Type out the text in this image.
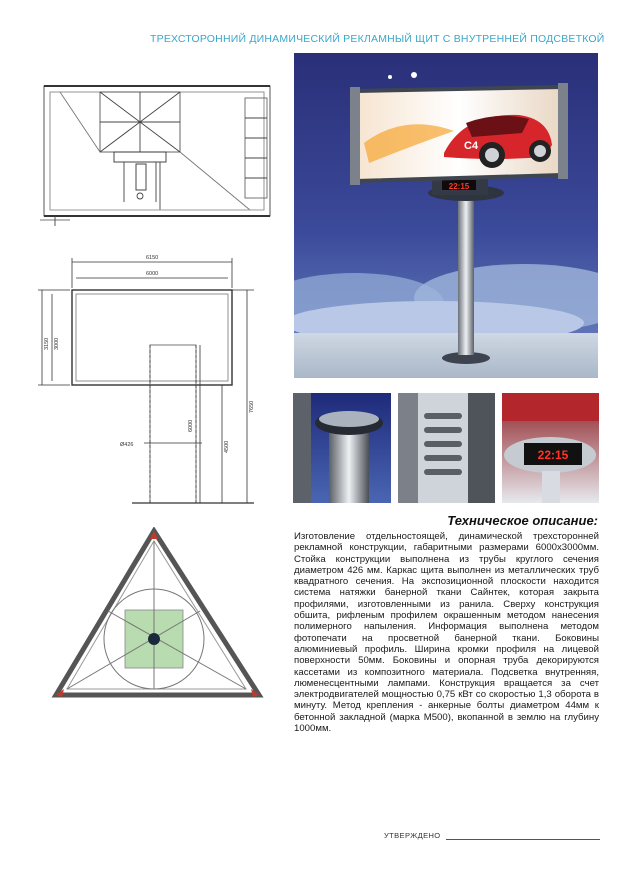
ТРЕХСТОРОННИЙ ДИНАМИЧЕСКИЙ РЕКЛАМНЫЙ ЩИТ С ВНУТРЕННЕЙ ПОДСВЕТКОЙ
6150
6000
3150 3000
Ø426
6000
4500
7650
22:15
C4
22:15
Техническое описание:
Изготовление отдельностоящей, динамической трехсторонней рекламной конструкции, габаритными размерами 6000х3000мм. Стойка конструкции выполнена из трубы круглого сечения диаметром 426 мм. Каркас щита выполнен из металлических труб квадратного сечения. На экспозиционной плоскости находится система натяжки банерной ткани Сайнтек, которая закрыта профилями, изготовленными из ранила. Сверху конструкция обшита, рифленым профилем окрашенным методом нанесения полимерного напыления. Информация выполнена методом фотопечати на просветной банерной ткани. Боковины алюминиевый профиль. Ширина кромки профиля на лицевой поверхности 50мм. Боковины и опорная труба декорируются кассетами из композитного материала. Подсветка внутренняя, люменесцентными лампами. Конструкция вращается за счет электродвигателей мощностью 0,75 кВт со скоростью 1,3 оборота в минуту. Метод крепления - анкерные болты диаметром 44мм к бетонной закладной (марка М500), вкопанной в землю на глубину 1000мм.
УТВЕРЖДЕНО
